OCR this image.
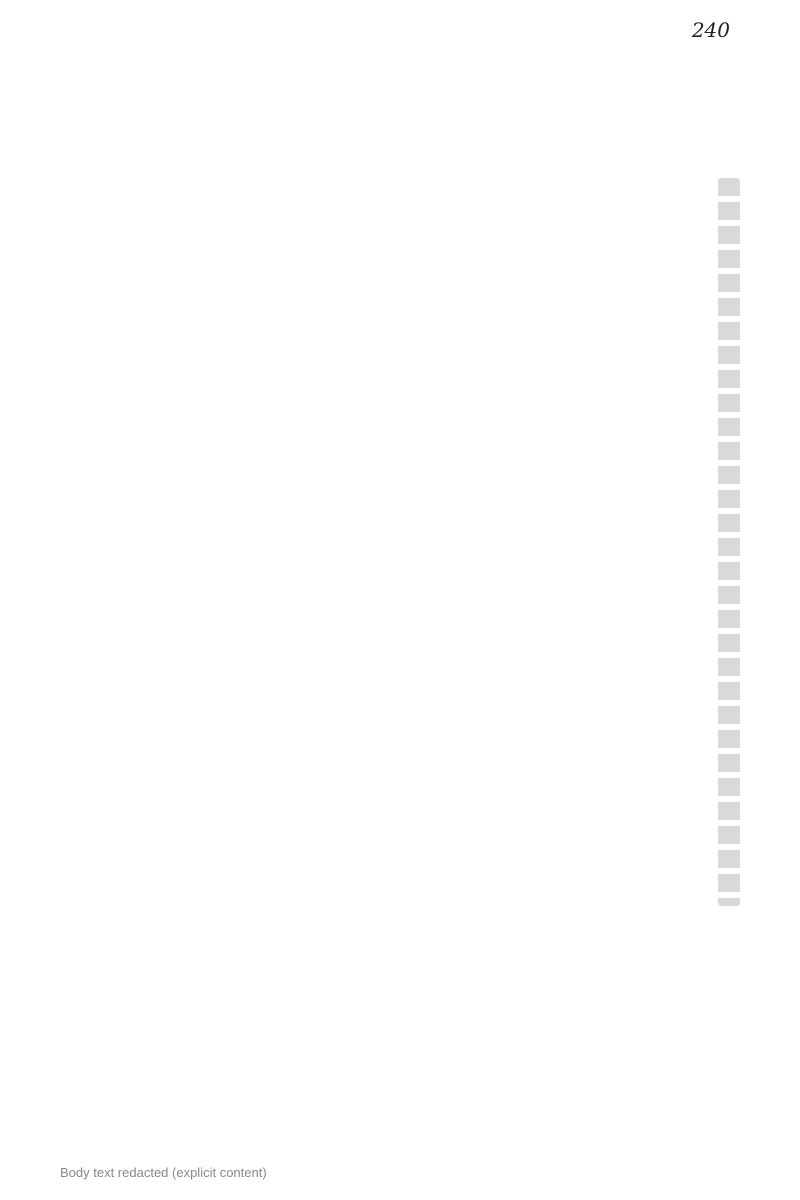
240
Body text redacted (explicit content)
